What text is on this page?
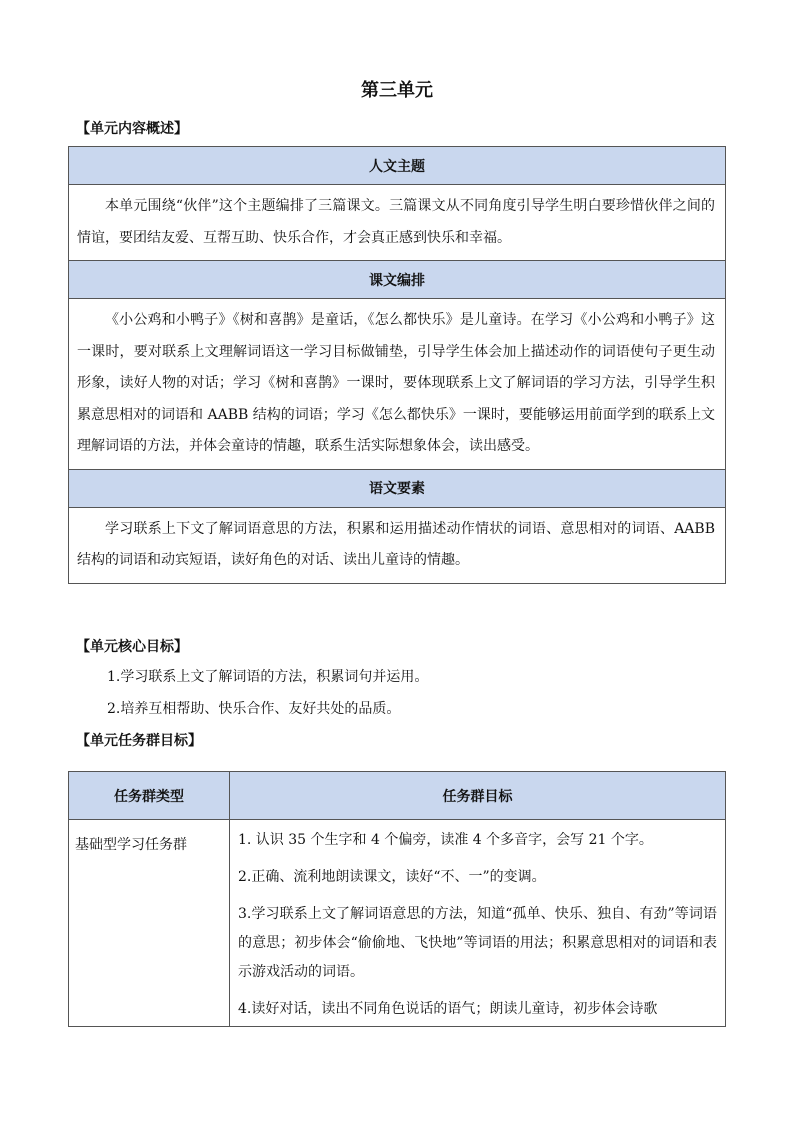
第三单元
【单元内容概述】
人文主题
本单元围绕“伙伴”这个主题编排了三篇课文。三篇课文从不同角度引导学生明白要珍惜伙伴之间的情谊，要团结友爱、互帮互助、快乐合作，才会真正感到快乐和幸福。
课文编排
《小公鸡和小鸭子》《树和喜鹊》是童话，《怎么都快乐》是儿童诗。在学习《小公鸡和小鸭子》这一课时，要对联系上文理解词语这一学习目标做铺垫，引导学生体会加上描述动作的词语使句子更生动形象，读好人物的对话；学习《树和喜鹊》一课时，要体现联系上文了解词语的学习方法，引导学生积累意思相对的词语和 AABB 结构的词语；学习《怎么都快乐》一课时，要能够运用前面学到的联系上文理解词语的方法，并体会童诗的情趣，联系生活实际想象体会，读出感受。
语文要素
学习联系上下文了解词语意思的方法，积累和运用描述动作情状的词语、意思相对的词语、AABB 结构的词语和动宾短语，读好角色的对话、读出儿童诗的情趣。
【单元核心目标】
1.学习联系上文了解词语的方法，积累词句并运用。
2.培养互相帮助、快乐合作、友好共处的品质。
【单元任务群目标】
任务群类型	任务群目标
基础型学习任务群	1. 认识 35 个生字和 4 个偏旁，读准 4 个多音字，会写 21 个字。
2.正确、流利地朗读课文，读好“不、一”的变调。
3.学习联系上文了解词语意思的方法，知道“孤单、快乐、独自、有劲”等词语的意思；初步体会“偷偷地、飞快地”等词语的用法；积累意思相对的词语和表示游戏活动的词语。
4.读好对话，读出不同角色说话的语气；朗读儿童诗，初步体会诗歌
